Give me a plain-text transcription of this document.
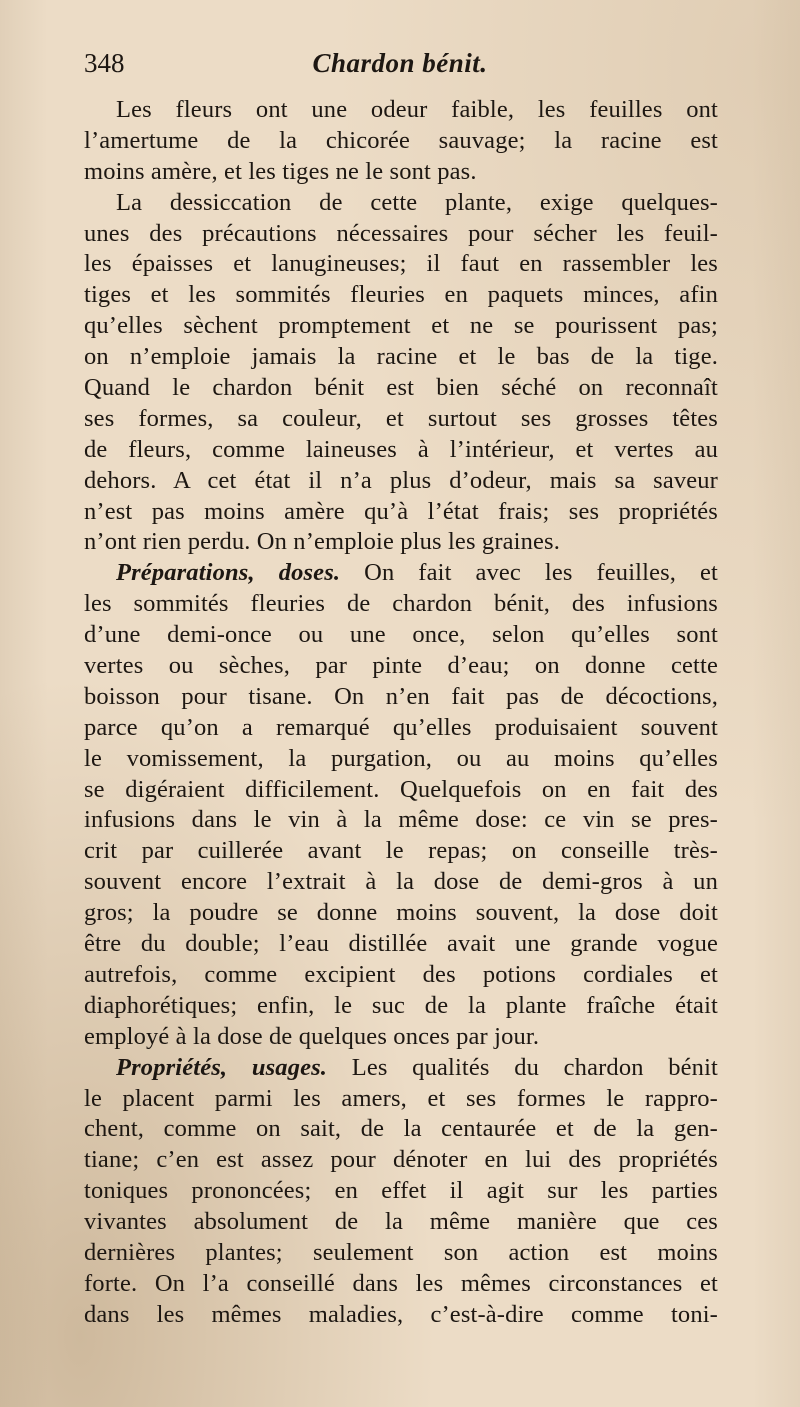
348	Chardon bénit.
Les fleurs ont une odeur faible, les feuilles ont
l’amertume de la chicorée sauvage; la racine est
moins amère, et les tiges ne le sont pas.
La dessiccation de cette plante, exige quelques-
unes des précautions nécessaires pour sécher les feuil-
les épaisses et lanugineuses; il faut en rassembler les
tiges et les sommités fleuries en paquets minces, afin
qu’elles sèchent promptement et ne se pourissent pas;
on n’emploie jamais la racine et le bas de la tige.
Quand le chardon bénit est bien séché on reconnaît
ses formes, sa couleur, et surtout ses grosses têtes
de fleurs, comme laineuses à l’intérieur, et vertes au
dehors. A cet état il n’a plus d’odeur, mais sa saveur
n’est pas moins amère qu’à l’état frais; ses propriétés
n’ont rien perdu. On n’emploie plus les graines.
Préparations, doses. On fait avec les feuilles, et
les sommités fleuries de chardon bénit, des infusions
d’une demi-once ou une once, selon qu’elles sont
vertes ou sèches, par pinte d’eau; on donne cette
boisson pour tisane. On n’en fait pas de décoctions,
parce qu’on a remarqué qu’elles produisaient souvent
le vomissement, la purgation, ou au moins qu’elles
se digéraient difficilement. Quelquefois on en fait des
infusions dans le vin à la même dose: ce vin se pres-
crit par cuillerée avant le repas; on conseille très-
souvent encore l’extrait à la dose de demi-gros à un
gros; la poudre se donne moins souvent, la dose doit
être du double; l’eau distillée avait une grande vogue
autrefois, comme excipient des potions cordiales et
diaphorétiques; enfin, le suc de la plante fraîche était
employé à la dose de quelques onces par jour.
Propriétés, usages. Les qualités du chardon bénit
le placent parmi les amers, et ses formes le rappro-
chent, comme on sait, de la centaurée et de la gen-
tiane; c’en est assez pour dénoter en lui des propriétés
toniques prononcées; en effet il agit sur les parties
vivantes absolument de la même manière que ces
dernières plantes; seulement son action est moins
forte. On l’a conseillé dans les mêmes circonstances et
dans les mêmes maladies, c’est-à-dire comme toni-
